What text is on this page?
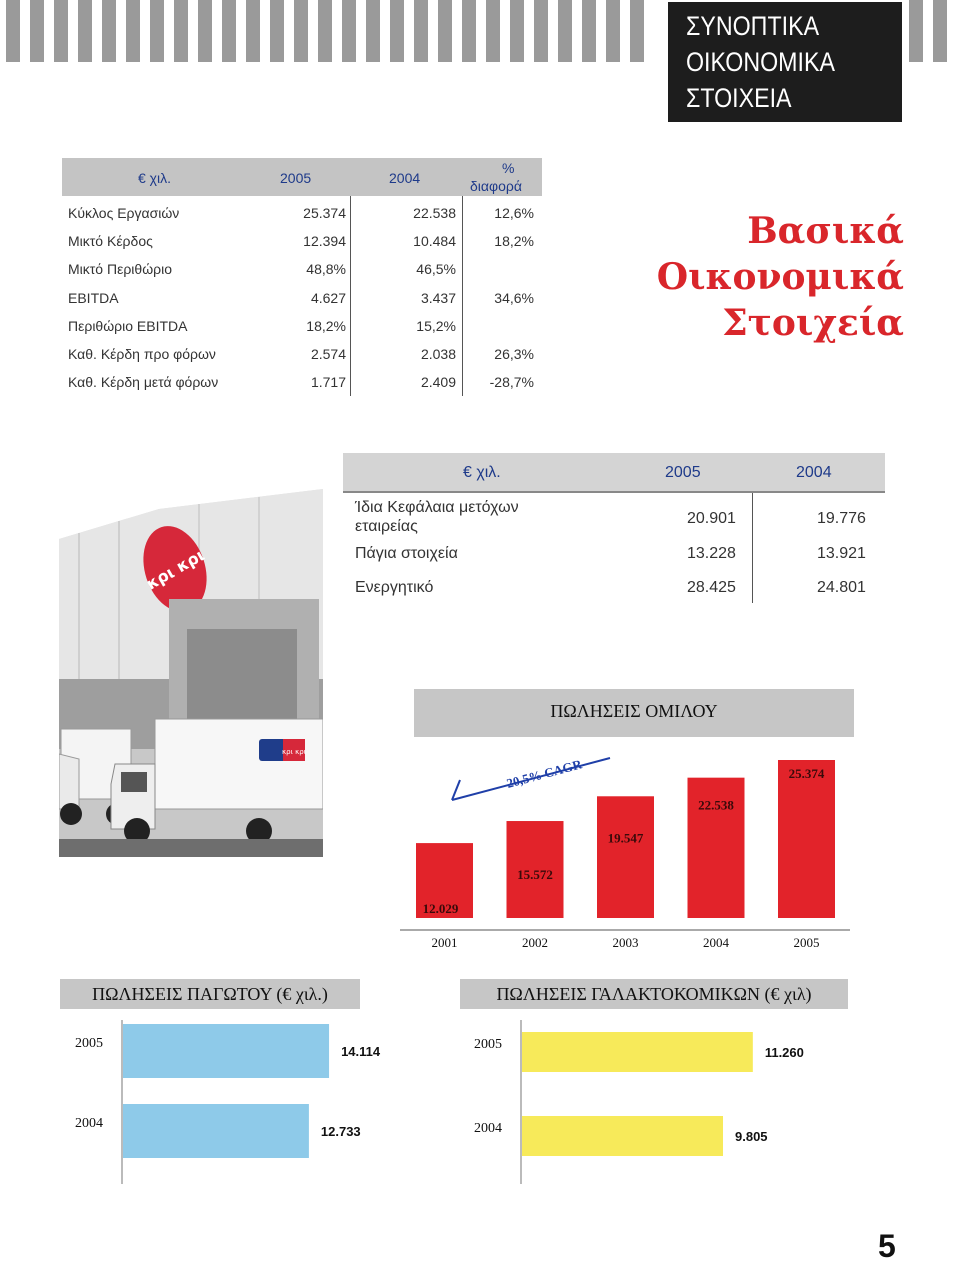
ΣΥΝΟΠΤΙΚΑ
ΟΙΚΟΝΟΜΙΚΑ
ΣΤΟΙΧΕΙΑ
Βασικά
Οικονομικά
Στοιχεία
€ χιλ.	2005	2004
%
διαφορά
Κύκλος Εργασιών	25.374	22.538	12,6%
Μικτό Κέρδος	12.394	10.484	18,2%
Μικτό Περιθώριο	48,8%	46,5%
EBITDA	4.627	3.437	34,6%
Περιθώριο EBITDA	18,2%	15,2%
Καθ. Κέρδη προ φόρων	2.574	2.038	26,3%
Καθ. Κέρδη μετά φόρων	1.717	2.409 -28,7%
€ χιλ.	2005	2004
Ίδια Κεφάλαια μετόχων
εταιρείας	20.901	19.776
Πάγια στοιχεία	13.228	13.921
Ενεργητικό	28.425	24.801
κρι κρι
κρι κρι
ΠΩΛΗΣΕΙΣ ΟΜΙΛΟΥ
12.029
2001
15.572
2002
19.547
2003
22.538
2004
25.374
2005
20,5% CAGR
ΠΩΛΗΣΕΙΣ ΠΑΓΩΤΟΥ (€ χιλ.)
2005
14.114
2004
12.733
ΠΩΛΗΣΕΙΣ ΓΑΛΑΚΤΟΚΟΜΙΚΩΝ (€ χιλ)
2005
11.260
2004
9.805
5
